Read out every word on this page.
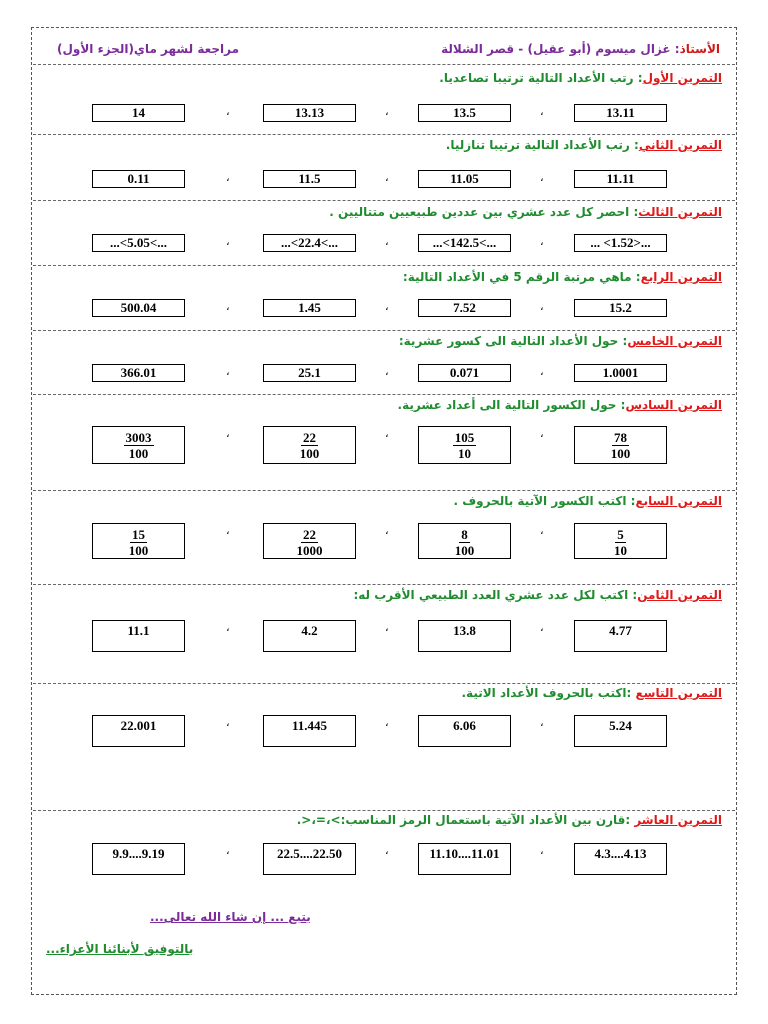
الأستاذ: غزال ميسوم (أبو عقيل) - قصر الشلالة
مراجعة لشهر ماي(الجزء الأول)
التمرين الأول: رتب الأعداد التالية ترتيبا تصاعديا.
13.11
13.5
13.13
14	،
،
،
التمرين الثاني: رتب الأعداد التالية ترتيبا تنازليا.
11.11
11.05
11.5
0.11	،
،
،
التمرين الثالث: احصر كل عدد عشري بين عددين طبيعيين متتاليين .
... <1.52>...
...<142.5<...
...<22.4<...
...<5.05<...	،
،
،
التمرين الرابع: ماهي مرتبة الرقم 5 في الأعداد التالية:
15.2
7.52
1.45
500.04	،
،
،
التمرين الخامس: حول الأعداد التالية الى كسور عشرية:
1.0001
0.071
25.1
366.01	،
،
،
التمرين السادس: حول الكسور التالية الى أعداد عشرية.
$\frac{78}{100}$
$\frac{105}{10}$
$\frac{22}{100}$
$\frac{3003}{100}$	،
،
،
التمرين السابع: اكتب الكسور الآتية بالحروف .
$\frac{5}{10}$
$\frac{8}{100}$
$\frac{22}{1000}$
$\frac{15}{100}$	،
،
،
التمرين الثامن: اكتب لكل عدد عشري العدد الطبيعي الأقرب له:
4.77
13.8
4.2
11.1	،
،
،
التمرين التاسع :اكتب بالحروف الأعداد الاتية.
5.24
6.06
11.445
22.001	،
،
،
التمرين العاشر :قارن بين الأعداد الآتية باستعمال الرمز المناسب:>،=،<.
4.3....4.13
11.10....11.01
22.5....22.50
9.9....9.19	،
،
،
يتبع ... إن شاء الله تعالى...
بالتوفيق لأبنائنا الأعزاء...
